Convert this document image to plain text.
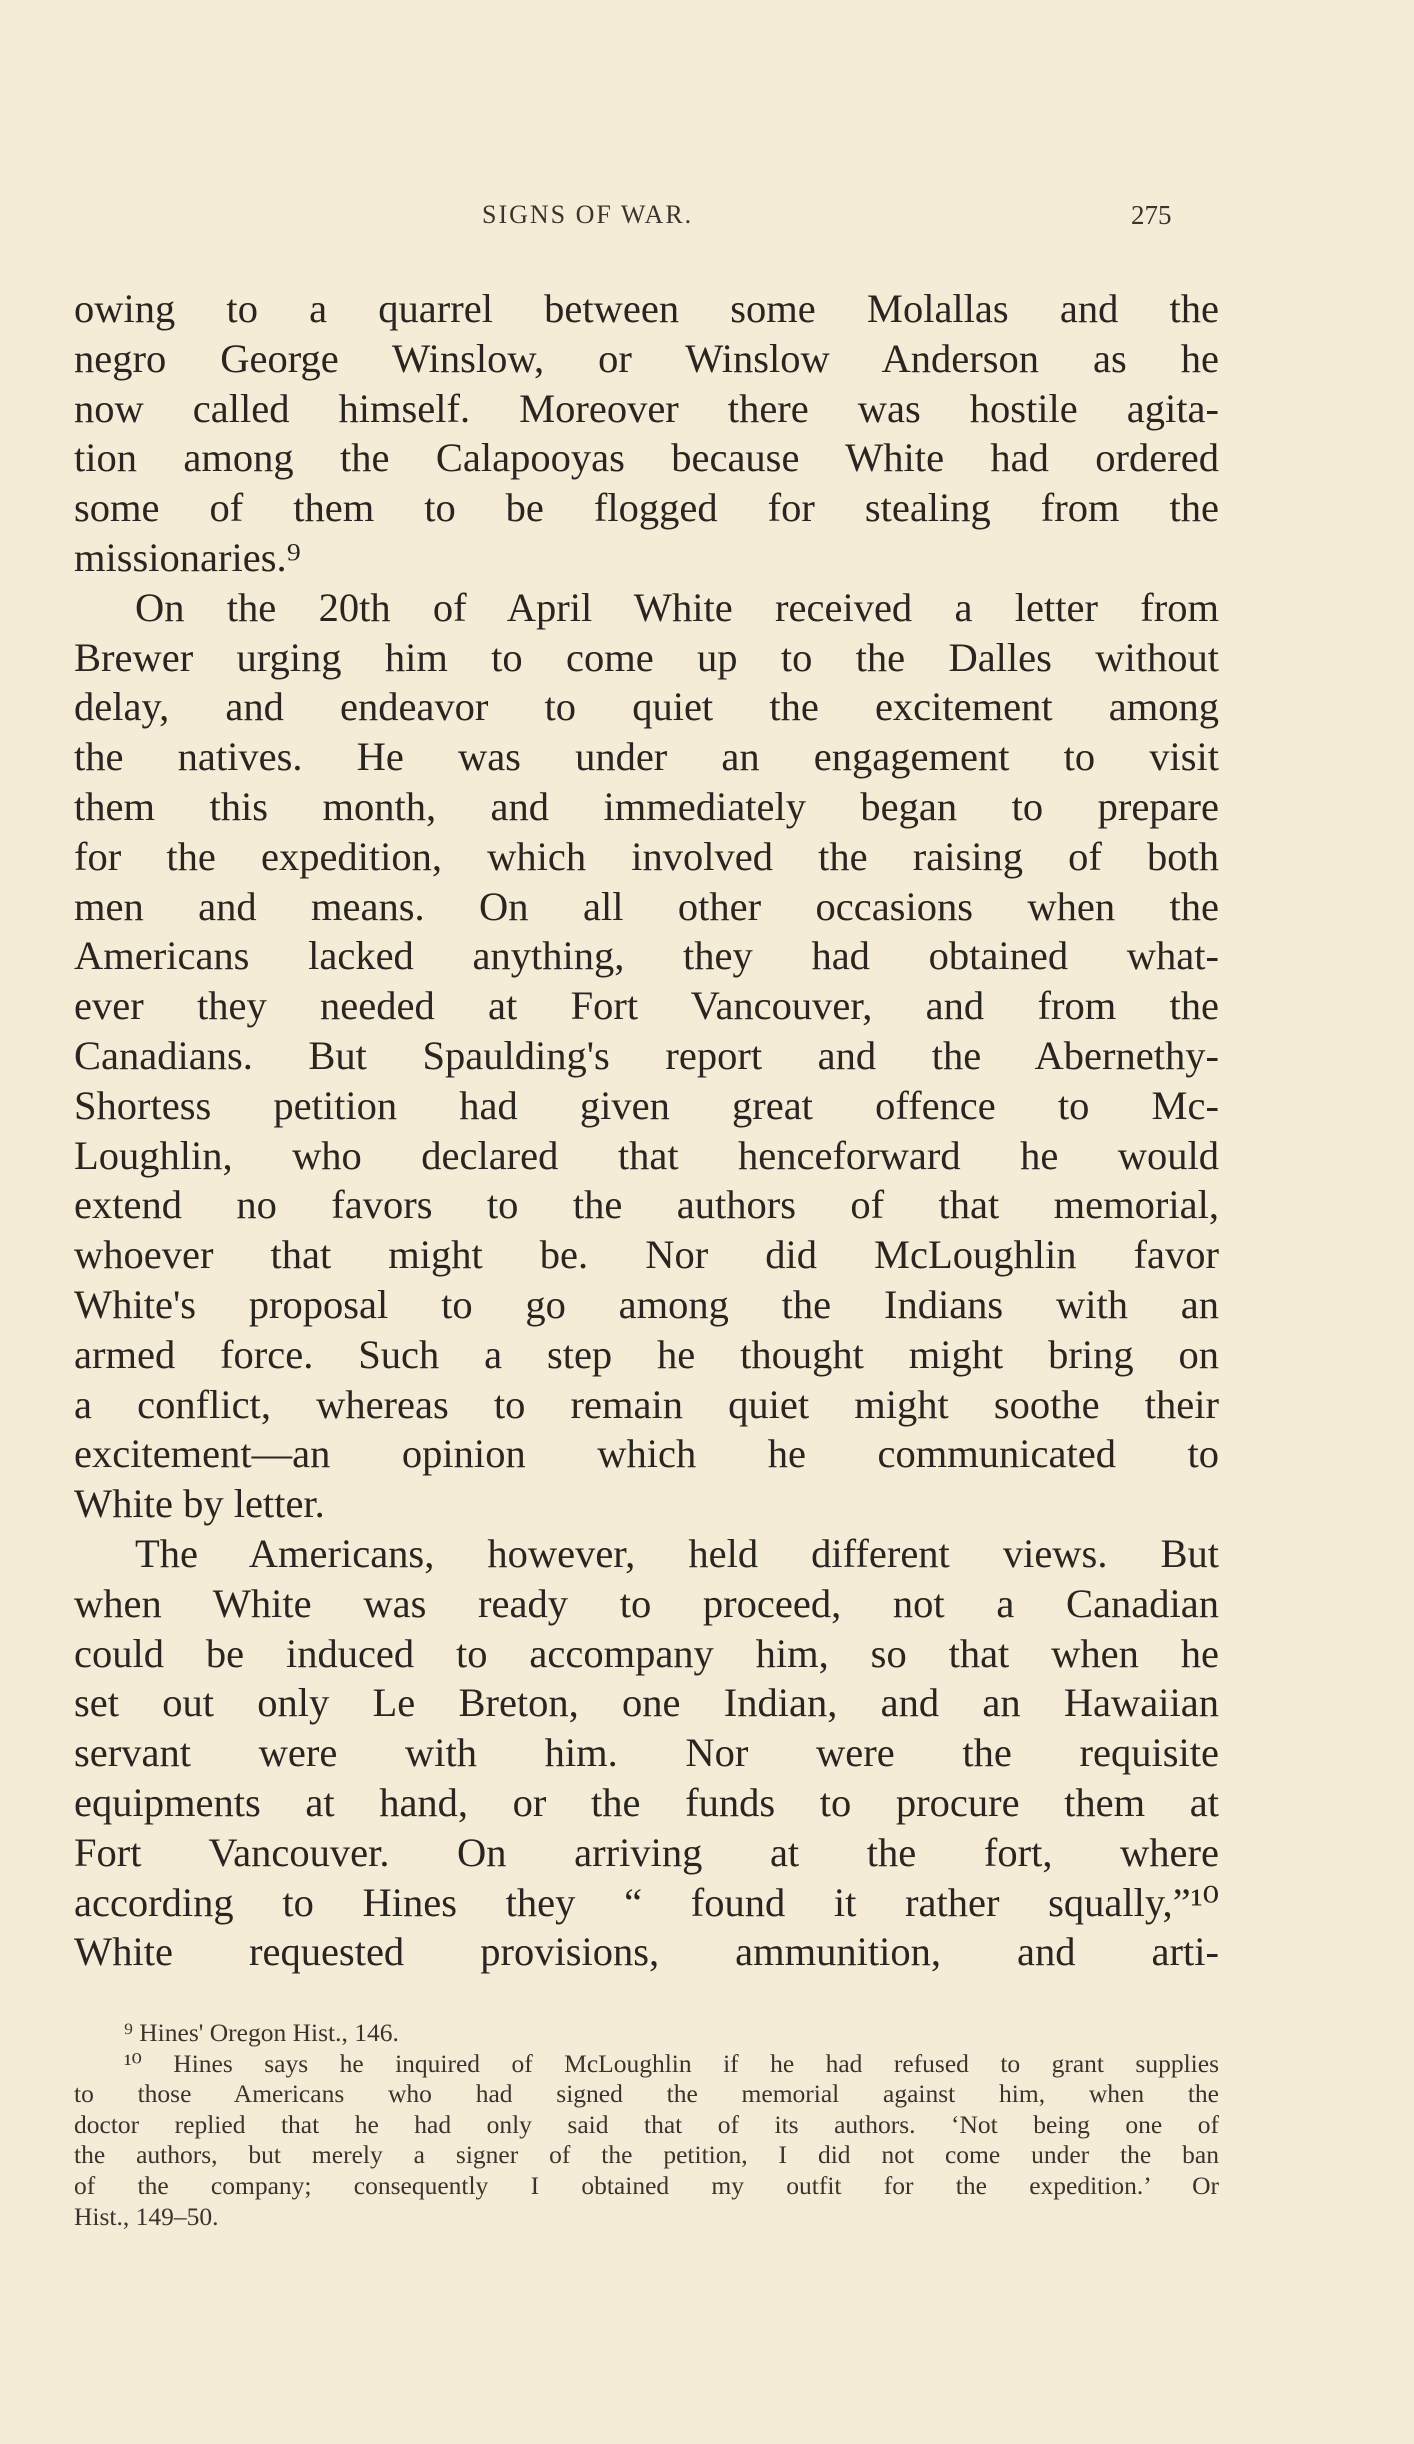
SIGNS OF WAR.	275
owing to a quarrel between some Molallas and the
negro George Winslow, or Winslow Anderson as he
now called himself. Moreover there was hostile agita-
tion among the Calapooyas because White had ordered
some of them to be flogged for stealing from the
missionaries.⁹
On the 20th of April White received a letter from
Brewer urging him to come up to the Dalles without
delay, and endeavor to quiet the excitement among
the natives. He was under an engagement to visit
them this month, and immediately began to prepare
for the expedition, which involved the raising of both
men and means. On all other occasions when the
Americans lacked anything, they had obtained what-
ever they needed at Fort Vancouver, and from the
Canadians. But Spaulding's report and the Abernethy-
Shortess petition had given great offence to Mc-
Loughlin, who declared that henceforward he would
extend no favors to the authors of that memorial,
whoever that might be. Nor did McLoughlin favor
White's proposal to go among the Indians with an
armed force. Such a step he thought might bring on
a conflict, whereas to remain quiet might soothe their
excitement—an opinion which he communicated to
White by letter.
The Americans, however, held different views. But
when White was ready to proceed, not a Canadian
could be induced to accompany him, so that when he
set out only Le Breton, one Indian, and an Hawaiian
servant were with him. Nor were the requisite
equipments at hand, or the funds to procure them at
Fort Vancouver. On arriving at the fort, where
according to Hines they “ found it rather squally,”¹⁰
White requested provisions, ammunition, and arti-
⁹ Hines' Oregon Hist., 146.
¹⁰ Hines says he inquired of McLoughlin if he had refused to grant supplies
to those Americans who had signed the memorial against him, when the
doctor replied that he had only said that of its authors. ‘Not being one of
the authors, but merely a signer of the petition, I did not come under the ban
of the company; consequently I obtained my outfit for the expedition.’ Or
Hist., 149–50.
